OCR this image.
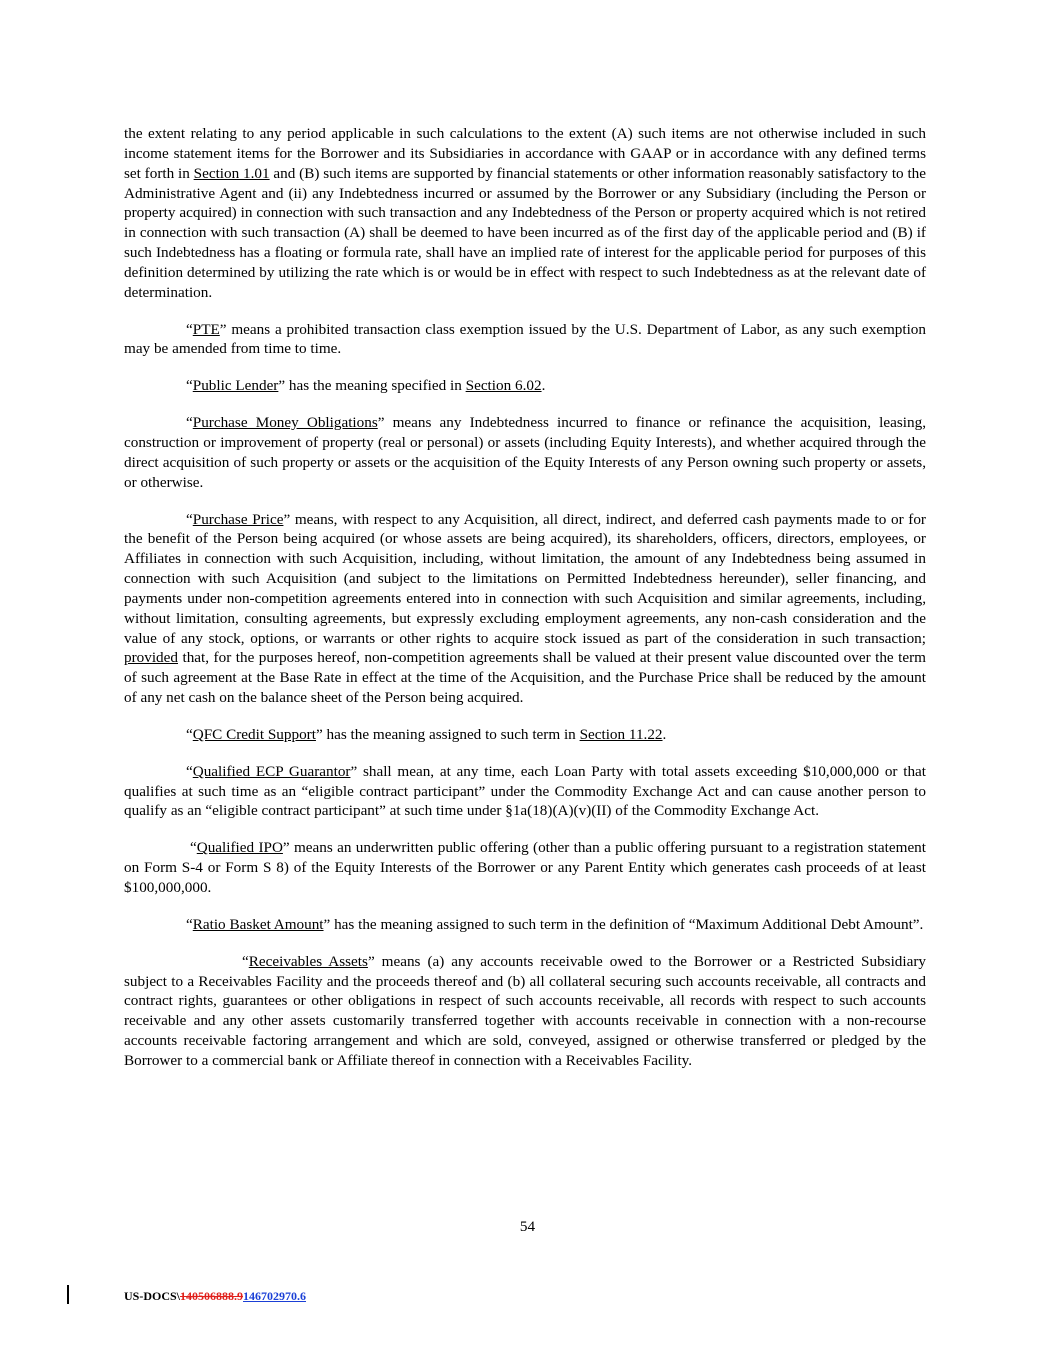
the extent relating to any period applicable in such calculations to the extent (A) such items are not otherwise included in such income statement items for the Borrower and its Subsidiaries in accordance with GAAP or in accordance with any defined terms set forth in Section 1.01 and (B) such items are supported by financial statements or other information reasonably satisfactory to the Administrative Agent and (ii) any Indebtedness incurred or assumed by the Borrower or any Subsidiary (including the Person or property acquired) in connection with such transaction and any Indebtedness of the Person or property acquired which is not retired in connection with such transaction (A) shall be deemed to have been incurred as of the first day of the applicable period and (B) if such Indebtedness has a floating or formula rate, shall have an implied rate of interest for the applicable period for purposes of this definition determined by utilizing the rate which is or would be in effect with respect to such Indebtedness as at the relevant date of determination.

“PTE” means a prohibited transaction class exemption issued by the U.S. Department of Labor, as any such exemption may be amended from time to time.

“Public Lender” has the meaning specified in Section 6.02.

“Purchase Money Obligations” means any Indebtedness incurred to finance or refinance the acquisition, leasing, construction or improvement of property (real or personal) or assets (including Equity Interests), and whether acquired through the direct acquisition of such property or assets or the acquisition of the Equity Interests of any Person owning such property or assets, or otherwise.

“Purchase Price” means, with respect to any Acquisition, all direct, indirect, and deferred cash payments made to or for the benefit of the Person being acquired (or whose assets are being acquired), its shareholders, officers, directors, employees, or Affiliates in connection with such Acquisition, including, without limitation, the amount of any Indebtedness being assumed in connection with such Acquisition (and subject to the limitations on Permitted Indebtedness hereunder), seller financing, and payments under non-competition agreements entered into in connection with such Acquisition and similar agreements, including, without limitation, consulting agreements, but expressly excluding employment agreements, any non-cash consideration and the value of any stock, options, or warrants or other rights to acquire stock issued as part of the consideration in such transaction; provided that, for the purposes hereof, non-competition agreements shall be valued at their present value discounted over the term of such agreement at the Base Rate in effect at the time of the Acquisition, and the Purchase Price shall be reduced by the amount of any net cash on the balance sheet of the Person being acquired.

“QFC Credit Support” has the meaning assigned to such term in Section 11.22.

“Qualified ECP Guarantor” shall mean, at any time, each Loan Party with total assets exceeding $10,000,000 or that qualifies at such time as an “eligible contract participant” under the Commodity Exchange Act and can cause another person to qualify as an “eligible contract participant” at such time under §1a(18)(A)(v)(II) of the Commodity Exchange Act.

“Qualified IPO” means an underwritten public offering (other than a public offering pursuant to a registration statement on Form S-4 or Form S 8) of the Equity Interests of the Borrower or any Parent Entity which generates cash proceeds of at least $100,000,000.

“Ratio Basket Amount” has the meaning assigned to such term in the definition of “Maximum Additional Debt Amount”.

“Receivables Assets” means (a) any accounts receivable owed to the Borrower or a Restricted Subsidiary subject to a Receivables Facility and the proceeds thereof and (b) all collateral securing such accounts receivable, all contracts and contract rights, guarantees or other obligations in respect of such accounts receivable, all records with respect to such accounts receivable and any other assets customarily transferred together with accounts receivable in connection with a non-recourse accounts receivable factoring arrangement and which are sold, conveyed, assigned or otherwise transferred or pledged by the Borrower to a commercial bank or Affiliate thereof in connection with a Receivables Facility.

54
US-DOCS\140506888.9146702970.6
